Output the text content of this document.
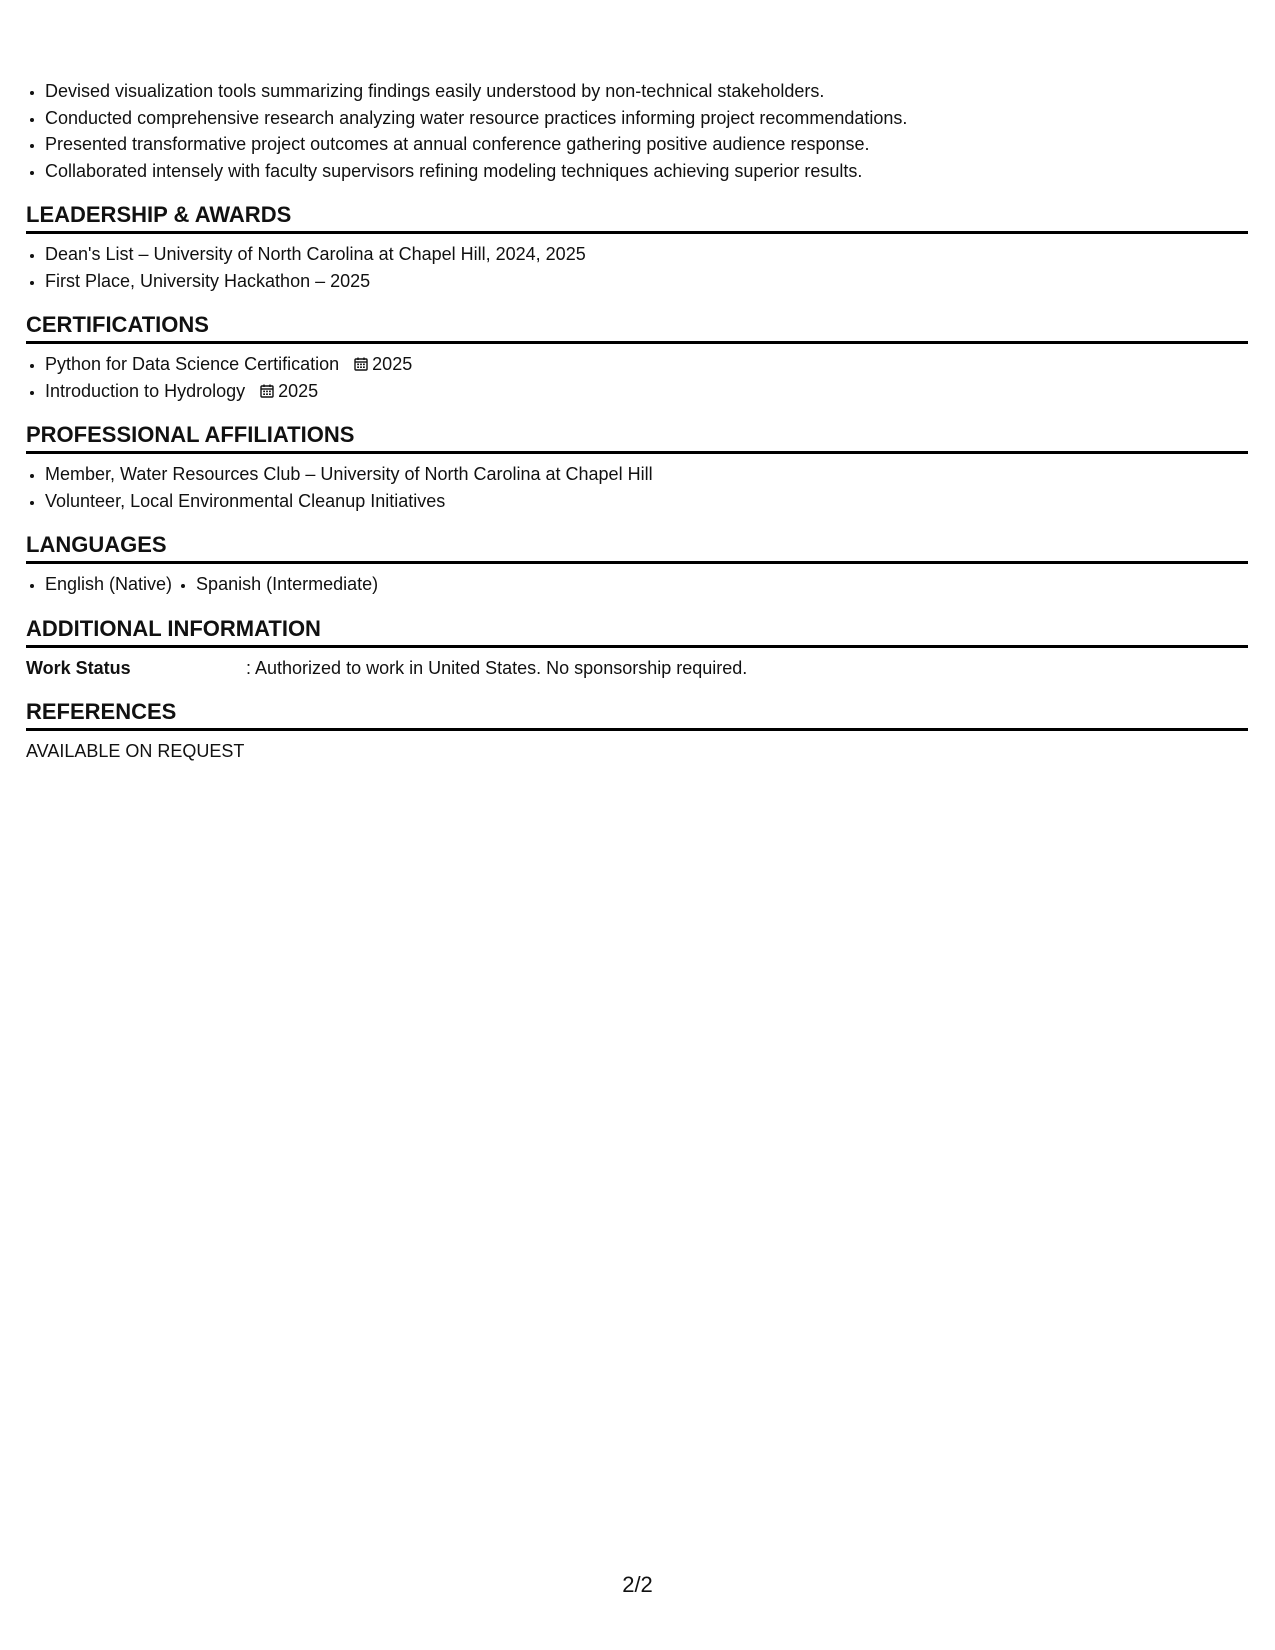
• Devised visualization tools summarizing findings easily understood by non-technical stakeholders.
• Conducted comprehensive research analyzing water resource practices informing project recommendations.
• Presented transformative project outcomes at annual conference gathering positive audience response.
• Collaborated intensely with faculty supervisors refining modeling techniques achieving superior results.
LEADERSHIP & AWARDS
• Dean's List – University of North Carolina at Chapel Hill, 2024, 2025
• First Place, University Hackathon – 2025
CERTIFICATIONS
• Python for Data Science Certification 2025
• Introduction to Hydrology 2025
PROFESSIONAL AFFILIATIONS
• Member, Water Resources Club – University of North Carolina at Chapel Hill
• Volunteer, Local Environmental Cleanup Initiatives
LANGUAGES
• English (Native)
• Spanish (Intermediate)
ADDITIONAL INFORMATION
Work Status	: Authorized to work in United States. No sponsorship required.
REFERENCES
AVAILABLE ON REQUEST
2/2
